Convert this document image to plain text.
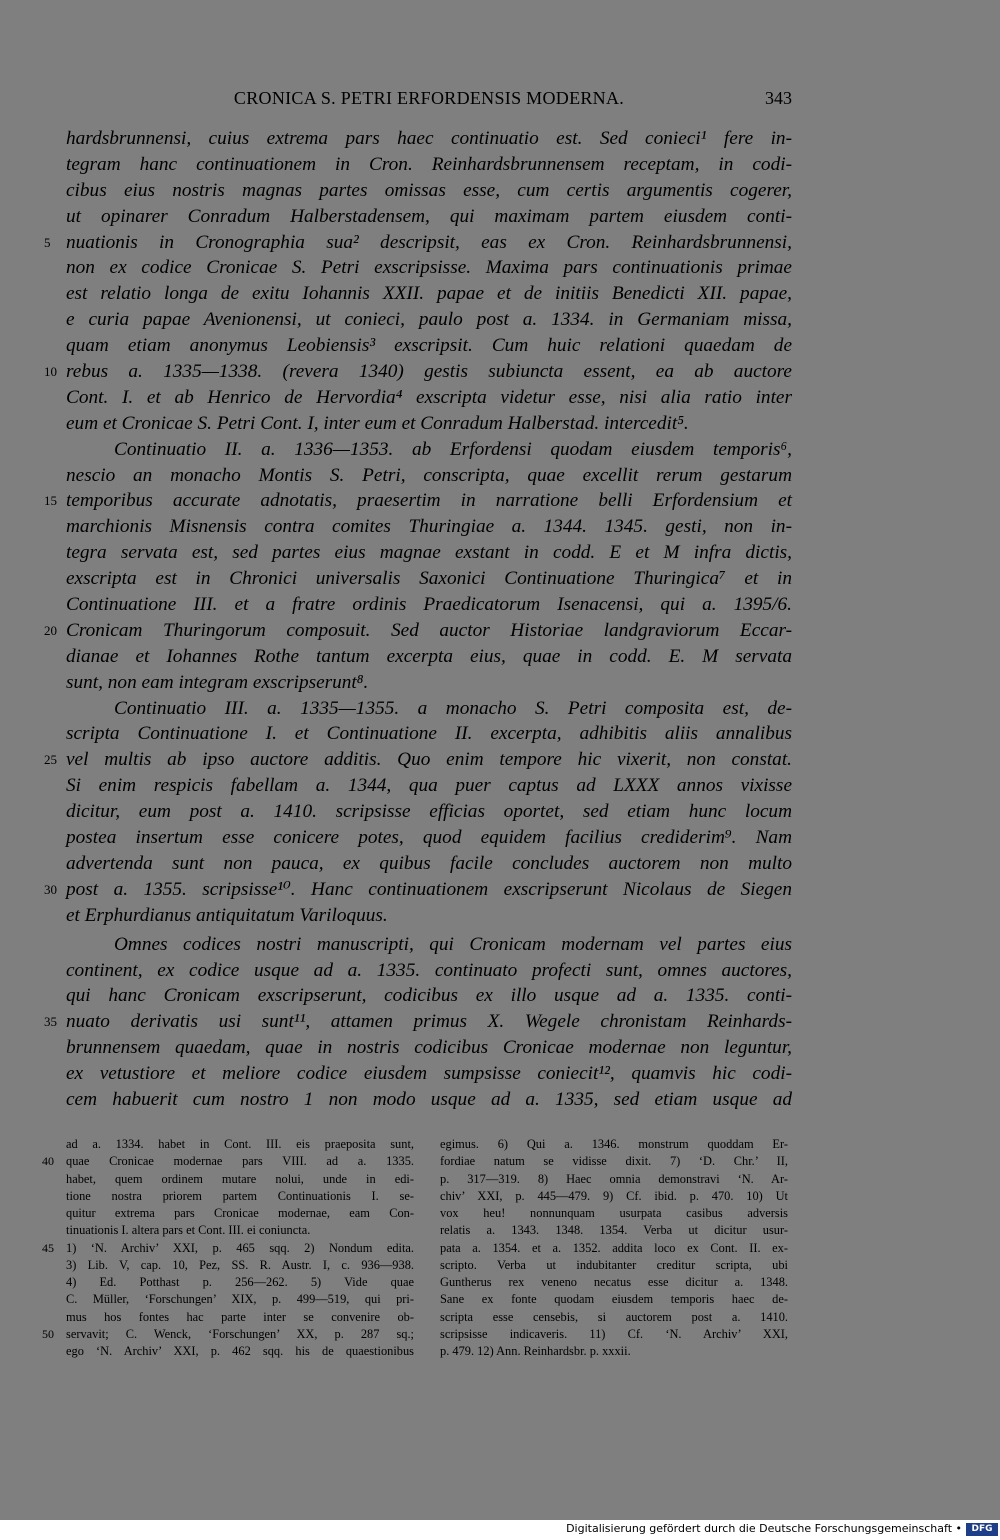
CRONICA S. PETRI ERFORDENSIS MODERNA.	343
hardsbrunnensi, cuius extrema pars haec continuatio est. Sed conieci¹ fere in-
tegram hanc continuationem in Cron. Reinhardsbrunnensem receptam, in codi-
cibus eius nostris magnas partes omissas esse, cum certis argumentis cogerer,
ut opinarer Conradum Halberstadensem, qui maximam partem eiusdem conti-
5 nuationis in Cronographia sua² descripsit, eas ex Cron. Reinhardsbrunnensi,
non ex codice Cronicae S. Petri exscripsisse. Maxima pars continuationis primae
est relatio longa de exitu Iohannis XXII. papae et de initiis Benedicti XII. papae,
e curia papae Avenionensi, ut conieci, paulo post a. 1334. in Germaniam missa,
quam etiam anonymus Leobiensis³ exscripsit. Cum huic relationi quaedam de
10 rebus a. 1335—1338. (revera 1340) gestis subiuncta essent, ea ab auctore
Cont. I. et ab Henrico de Hervordia⁴ exscripta videtur esse, nisi alia ratio inter
eum et Cronicae S. Petri Cont. I, inter eum et Conradum Halberstad. intercedit⁵.
Continuatio II. a. 1336—1353. ab Erfordensi quodam eiusdem temporis⁶,
nescio an monacho Montis S. Petri, conscripta, quae excellit rerum gestarum
15 temporibus accurate adnotatis, praesertim in narratione belli Erfordensium et
marchionis Misnensis contra comites Thuringiae a. 1344. 1345. gesti, non in-
tegra servata est, sed partes eius magnae exstant in codd. E et M infra dictis,
exscripta est in Chronici universalis Saxonici Continuatione Thuringica⁷ et in
Continuatione III. et a fratre ordinis Praedicatorum Isenacensi, qui a. 1395/6.
20 Cronicam Thuringorum composuit. Sed auctor Historiae landgraviorum Eccar-
dianae et Iohannes Rothe tantum excerpta eius, quae in codd. E. M servata
sunt, non eam integram exscripserunt⁸.
Continuatio III. a. 1335—1355. a monacho S. Petri composita est, de-
scripta Continuatione I. et Continuatione II. excerpta, adhibitis aliis annalibus
25 vel multis ab ipso auctore additis. Quo enim tempore hic vixerit, non constat.
Si enim respicis fabellam a. 1344, qua puer captus ad LXXX annos vixisse
dicitur, eum post a. 1410. scripsisse efficias oportet, sed etiam hunc locum
postea insertum esse conicere potes, quod equidem facilius crediderim⁹. Nam
advertenda sunt non pauca, ex quibus facile concludes auctorem non multo
30 post a. 1355. scripsisse¹⁰. Hanc continuationem exscripserunt Nicolaus de Siegen
et Erphurdianus antiquitatum Variloquus.
Omnes codices nostri manuscripti, qui Cronicam modernam vel partes eius
continent, ex codice usque ad a. 1335. continuato profecti sunt, omnes auctores,
qui hanc Cronicam exscripserunt, codicibus ex illo usque ad a. 1335. conti-
35 nuato derivatis usi sunt¹¹, attamen primus X. Wegele chronistam Reinhards-
brunnensem quaedam, quae in nostris codicibus Cronicae modernae non leguntur,
ex vetustiore et meliore codice eiusdem sumpsisse coniecit¹², quamvis hic codi-
cem habuerit cum nostro 1 non modo usque ad a. 1335, sed etiam usque ad
ad a. 1334. habet in Cont. III. eis praeposita sunt,
40 quae Cronicae modernae pars VIII. ad a. 1335.
habet, quem ordinem mutare nolui, unde in edi-
tione nostra priorem partem Continuationis I. se-
quitur extrema pars Cronicae modernae, eam Con-
tinuationis I. altera pars et Cont. III. ei coniuncta.
45 1) ‘N. Archiv’ XXI, p. 465 sqq. 2) Nondum edita.
3) Lib. V, cap. 10, Pez, SS. R. Austr. I, c. 936—938.
4) Ed. Potthast p. 256—262. 5) Vide quae
C. Müller, ‘Forschungen’ XIX, p. 499—519, qui pri-
mus hos fontes hac parte inter se convenire ob-
50 servavit; C. Wenck, ‘Forschungen’ XX, p. 287 sq.;
ego ‘N. Archiv’ XXI, p. 462 sqq. his de quaestionibus
egimus. 6) Qui a. 1346. monstrum quoddam Er-
fordiae natum se vidisse dixit. 7) ‘D. Chr.’ II,
p. 317—319. 8) Haec omnia demonstravi ‘N. Ar-
chiv’ XXI, p. 445—479. 9) Cf. ibid. p. 470. 10) Ut
vox heu! nonnunquam usurpata casibus adversis
relatis a. 1343. 1348. 1354. Verba ut dicitur usur-
pata a. 1354. et a. 1352. addita loco ex Cont. II. ex-
scripto. Verba ut indubitanter creditur scripta, ubi
Guntherus rex veneno necatus esse dicitur a. 1348.
Sane ex fonte quodam eiusdem temporis haec de-
scripta esse censebis, si auctorem post a. 1410.
scripsisse indicaveris. 11) Cf. ‘N. Archiv’ XXI,
p. 479. 12) Ann. Reinhardsbr. p. xxxii.
Digitalisierung gefördert durch die Deutsche Forschungsgemeinschaft •	DFG
